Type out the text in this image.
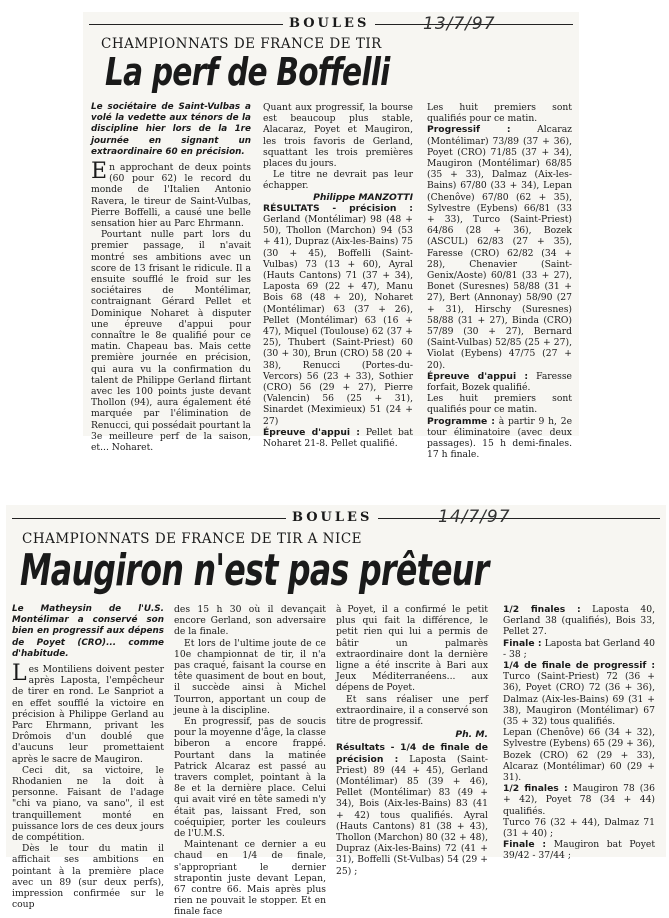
BOULES	13/7/97
CHAMPIONNATS DE FRANCE DE TIR
La perf de Boffelli

Le sociétaire de Saint-Vulbas a volé la vedette aux ténors de la discipline hier lors de la 1re journée en signant un extraordinaire 60 en précision.

En approchant de deux points (60 pour 62) le record du monde de l'Italien Antonio Ravera, le tireur de Saint-Vulbas, Pierre Boffelli, a causé une belle sensation hier au Parc Ehrmann.

Pourtant nulle part lors du premier passage, il n'avait montré ses ambitions avec un score de 13 frisant le ridicule. Il a ensuite soufflé le froid sur les sociétaires de Montélimar, contraignant Gérard Pellet et Dominique Noharet à disputer une épreuve d'appui pour connaître le 8e qualifié pour ce matin. Chapeau bas. Mais cette première journée en précision, qui aura vu la confirmation du talent de Philippe Gerland flirtant avec les 100 points juste devant Thollon (94), aura également été marquée par l'élimination de Renucci, qui possédait pourtant la 3e meilleure perf de la saison, et... Noharet.

Quant aux progressif, la bourse est beaucoup plus stable, Alacaraz, Poyet et Maugiron, les trois favoris de Gerland, squattant les trois premières places du jours.

Le titre ne devrait pas leur échapper.

Philippe MANZOTTI

RÉSULTATS - précision : Gerland (Montélimar) 98 (48 + 50), Thollon (Marchon) 94 (53 + 41), Dupraz (Aix-les-Bains) 75 (30 + 45), Boffelli (Saint-Vulbas) 73 (13 + 60), Ayral (Hauts Cantons) 71 (37 + 34), Laposta 69 (22 + 47), Manu Bois 68 (48 + 20), Noharet (Montélimar) 63 (37 + 26), Pellet (Montélimar) 63 (16 + 47), Miquel (Toulouse) 62 (37 + 25), Thubert (Saint-Priest) 60 (30 + 30), Brun (CRO) 58 (20 + 38), Renucci (Portes-du-Vercors) 56 (23 + 33), Sothier (CRO) 56 (29 + 27), Pierre (Valencin) 56 (25 + 31), Sinardet (Meximieux) 51 (24 + 27)

Épreuve d'appui : Pellet bat Noharet 21-8. Pellet qualifié.

Les huit premiers sont qualifiés pour ce matin.

Progressif :	Alcaraz (Montélimar) 73/89 (37 + 36), Poyet (CRO) 71/85 (37 + 34), Maugiron (Montélimar) 68/85 (35 + 33), Dalmaz (Aix-les-Bains) 67/80 (33 + 34), Lepan (Chenôve) 67/80 (62 + 35), Sylvestre (Eybens) 66/81 (33 + 33), Turco (Saint-Priest) 64/86 (28 + 36), Bozek (ASCUL) 62/83 (27 + 35), Faresse (CRO) 62/82 (34 + 28), Chenavier (Saint-Genix/Aoste) 60/81 (33 + 27), Bonet (Suresnes) 58/88 (31 + 27), Bert (Annonay) 58/90 (27 + 31), Hirschy (Suresnes) 58/88 (31 + 27), Binda (CRO) 57/89 (30 + 27), Bernard (Saint-Vulbas) 52/85 (25 + 27), Violat (Eybens) 47/75 (27 + 20).

Épreuve d'appui : Faresse forfait, Bozek qualifié.

Les huit premiers sont qualifiés pour ce matin.

Programme : à partir 9 h, 2e tour éliminatoire (avec deux passages). 15 h demi-finales. 17 h finale.

BOULES	14/7/97
CHAMPIONNATS DE FRANCE DE TIR A NICE
Maugiron n'est pas prêteur

Le Matheysin de l'U.S. Montélimar a conservé son bien en progressif aux dépens de Poyet (CRO)... comme d'habitude.

Les Montiliens doivent pester après Laposta, l'empêcheur de tirer en rond. Le Sanpriot a en effet soufflé la victoire en précision à Philippe Gerland au Parc Ehrmann, privant les Drômois d'un doublé que d'aucuns leur promettaient après le sacre de Maugiron.

Ceci dit, sa victoire, le Rhodanien ne la doit à personne. Faisant de l'adage "chi va piano, va sano", il est tranquillement monté en puissance lors de ces deux jours de compétition.

Dès le tour du matin il affichait ses ambitions en pointant à la première place avec un 89 (sur deux perfs), impression confirmée sur le coup

des 15 h 30 où il devançait encore Gerland, son adversaire de la finale.

Et lors de l'ultime joute de ce 10e championnat de tir, il n'a pas craqué, faisant la course en tête quasiment de bout en bout, il succède ainsi à Michel Tourron, apportant un coup de jeune à la discipline.

En progressif, pas de soucis pour la moyenne d'âge, la classe biberon a encore frappé. Pourtant dans la matinée Patrick Alcaraz est passé au travers complet, pointant à la 8e et la dernière place. Celui qui avait viré en tête samedi n'y était pas, laissant Fred, son coéquipier, porter les couleurs de l'U.M.S.

Maintenant ce dernier a eu chaud en 1/4 de finale, s'appropriant le dernier strapontin juste devant Lepan, 67 contre 66. Mais après plus rien ne pouvait le stopper. Et en finale face

à Poyet, il a confirmé le petit plus qui fait la différence, le petit rien qui lui a permis de bâtir un palmarès extraordinaire dont la dernière ligne a été inscrite à Bari aux Jeux Méditerranéens... aux dépens de Poyet.

Et sans réaliser une perf extraordinaire, il a conservé son titre de progressif.

Ph. M.

Résultats - 1/4 de finale de précision : Laposta (Saint-Priest) 89 (44 + 45), Gerland (Montélimar) 85 (39 + 46), Pellet (Montélimar) 83 (49 + 34), Bois (Aix-les-Bains) 83 (41 + 42) tous qualifiés. Ayral (Hauts Cantons) 81 (38 + 43), Thollon (Marchon) 80 (32 + 48), Dupraz (Aix-les-Bains) 72 (41 + 31), Boffelli (St-Vulbas) 54 (29 + 25) ;

1/2 finales : Laposta 40, Gerland 38 (qualifiés), Bois 33, Pellet 27.

Finale : Laposta bat Gerland 40 - 38 ;

1/4 de finale de progressif : Turco (Saint-Priest) 72 (36 + 36), Poyet (CRO) 72 (36 + 36), Dalmaz (Aix-les-Bains) 69 (31 + 38), Maugiron (Montélimar) 67 (35 + 32) tous qualifiés.

Lepan (Chenôve) 66 (34 + 32), Sylvestre (Eybens) 65 (29 + 36), Bozek (CRO) 62 (29 + 33), Alcaraz (Montélimar) 60 (29 + 31).

1/2 finales : Maugiron 78 (36 + 42), Poyet 78 (34 + 44) qualifiés.

Turco 76 (32 + 44), Dalmaz 71 (31 + 40) ;

Finale : Maugiron bat Poyet 39/42 - 37/44 ;
